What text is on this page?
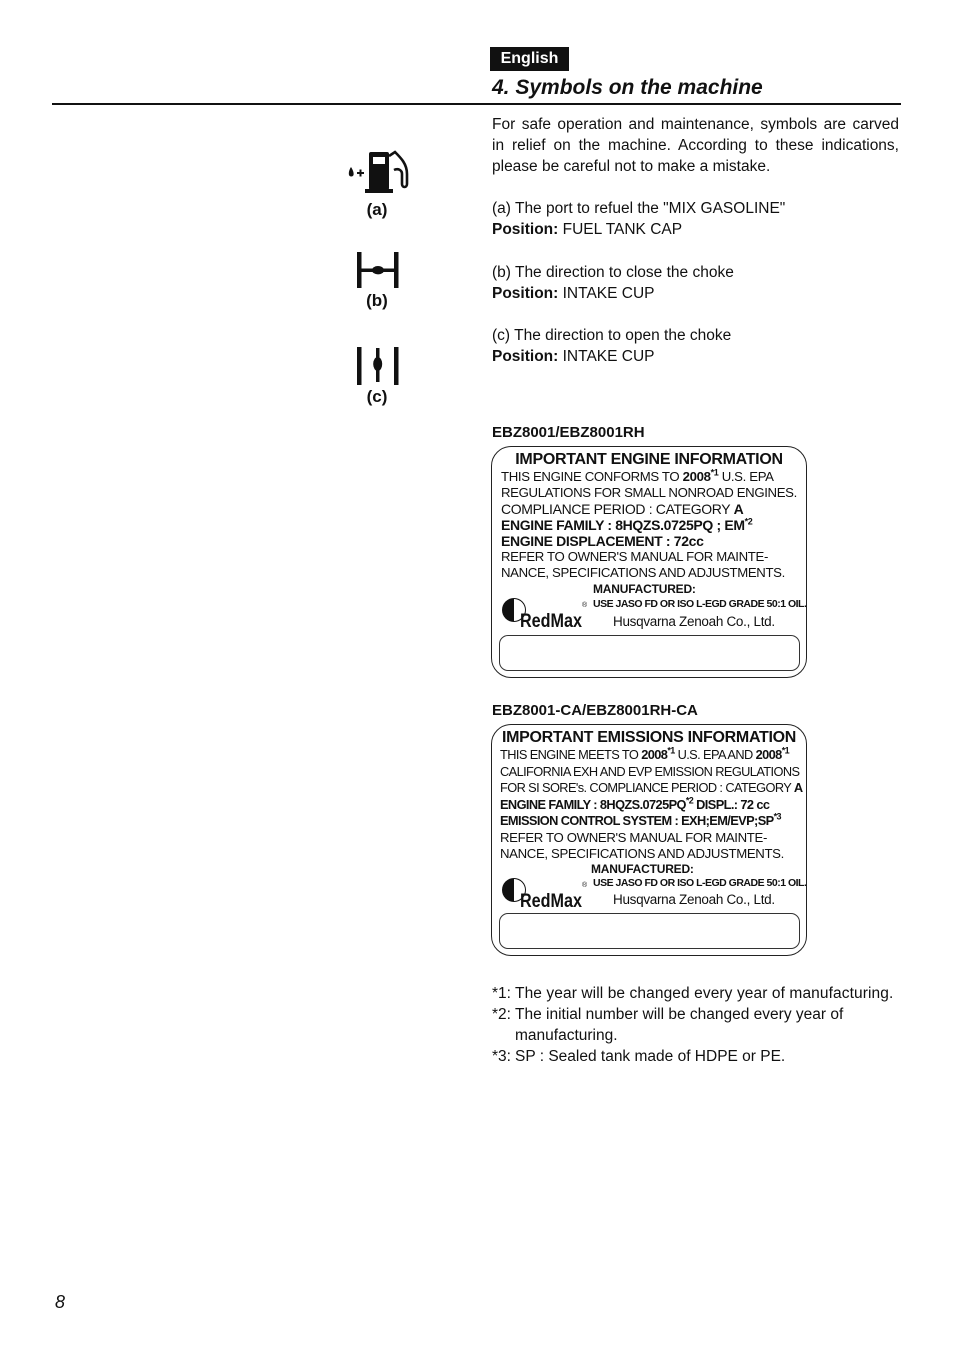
English
4. Symbols on the machine
For safe operation and maintenance, symbols are carved in relief on the machine. According to these indications, please be careful not to make a mistake.
(a)
(b)
(c)
(a) The port to refuel the "MIX GASOLINE"
Position: FUEL TANK CAP
(b) The direction to close the choke
Position: INTAKE CUP
(c) The direction to open the choke
Position: INTAKE CUP
EBZ8001/EBZ8001RH
IMPORTANT ENGINE INFORMATION
THIS ENGINE CONFORMS TO 2008$^{*1}$ U.S. EPA
REGULATIONS FOR SMALL NONROAD ENGINES.
COMPLIANCE PERIOD : CATEGORY A
ENGINE FAMILY : 8HQZS.0725PQ ; EM$^{*2}$
ENGINE DISPLACEMENT : 72cc
REFER TO OWNER'S MANUAL FOR MAINTE-
NANCE, SPECIFICATIONS AND ADJUSTMENTS.
RedMax
®
MANUFACTURED:
USE JASO FD OR ISO L-EGD GRADE 50:1 OIL.
Husqvarna Zenoah Co., Ltd.
EBZ8001-CA/EBZ8001RH-CA
IMPORTANT EMISSIONS INFORMATION
THIS ENGINE MEETS TO 2008$^{*1}$ U.S. EPA AND 2008$^{*1}$
CALIFORNIA EXH AND EVP EMISSION REGULATIONS
FOR SI SORE's. COMPLIANCE PERIOD : CATEGORY A
ENGINE FAMILY : 8HQZS.0725PQ$^{*2}$ DISPL.: 72 cc
EMISSION CONTROL SYSTEM : EXH;EM/EVP;SP$^{*3}$
REFER TO OWNER'S MANUAL FOR MAINTE-
NANCE, SPECIFICATIONS AND ADJUSTMENTS.
RedMax
®
MANUFACTURED:
USE JASO FD OR ISO L-EGD GRADE 50:1 OIL.
Husqvarna Zenoah Co., Ltd.
*1: The year will be changed every year of manufacturing.
*2: The initial number will be changed every year of manufacturing.
*3: SP : Sealed tank made of HDPE or PE.
8
